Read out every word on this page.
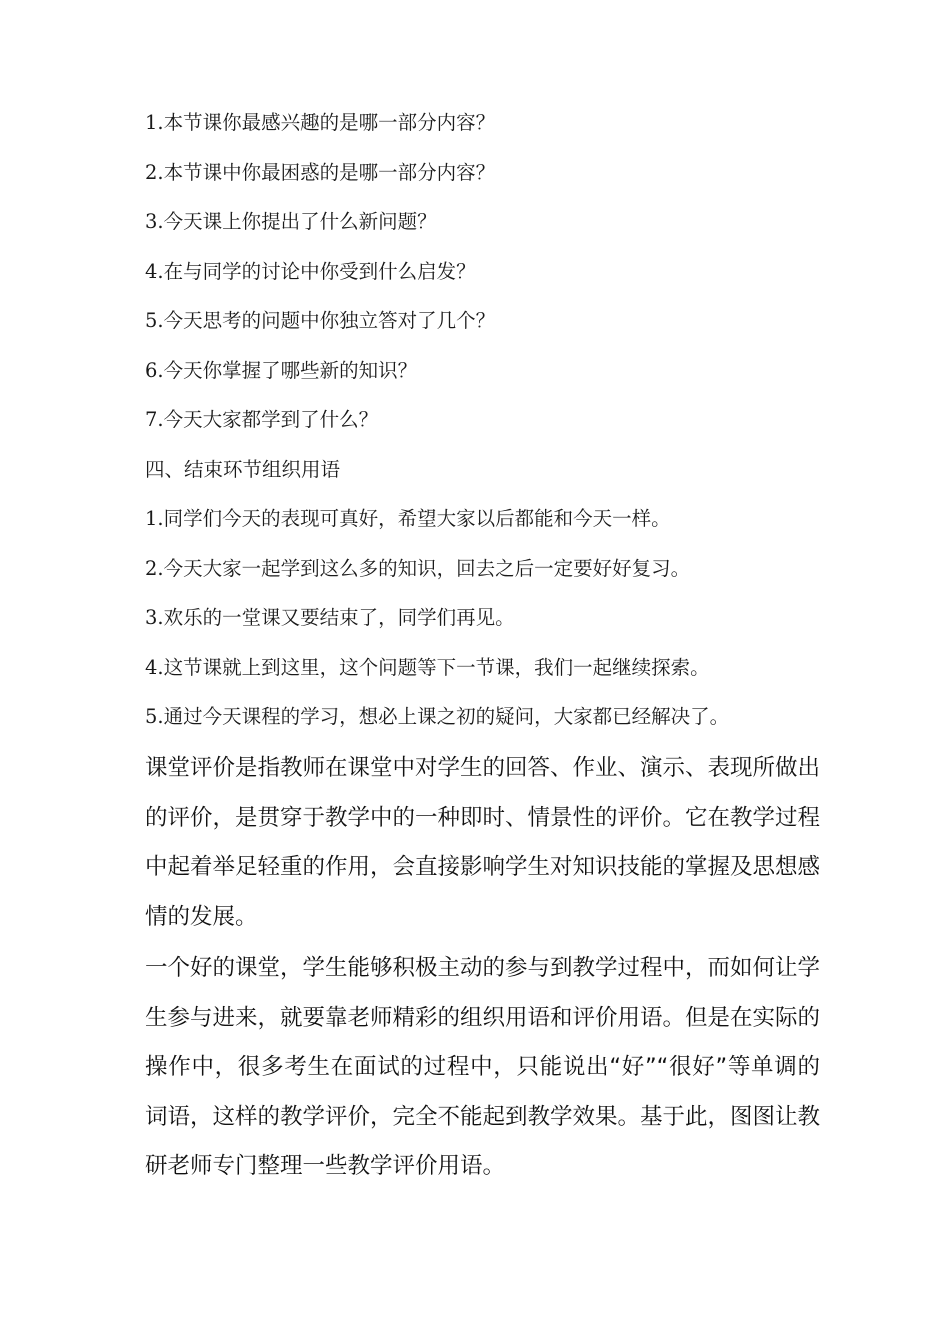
1.本节课你最感兴趣的是哪一部分内容？
2.本节课中你最困惑的是哪一部分内容？
3.今天课上你提出了什么新问题？
4.在与同学的讨论中你受到什么启发？
5.今天思考的问题中你独立答对了几个？
6.今天你掌握了哪些新的知识？
7.今天大家都学到了什么？
四、结束环节组织用语
1.同学们今天的表现可真好，希望大家以后都能和今天一样。
2.今天大家一起学到这么多的知识，回去之后一定要好好复习。
3.欢乐的一堂课又要结束了，同学们再见。
4.这节课就上到这里，这个问题等下一节课，我们一起继续探索。
5.通过今天课程的学习，想必上课之初的疑问，大家都已经解决了。

课堂评价是指教师在课堂中对学生的回答、作业、演示、表现所做出的评价，是贯穿于教学中的一种即时、情景性的评价。它在教学过程中起着举足轻重的作用，会直接影响学生对知识技能的掌握及思想感情的发展。

一个好的课堂，学生能够积极主动的参与到教学过程中，而如何让学生参与进来，就要靠老师精彩的组织用语和评价用语。但是在实际的操作中，很多考生在面试的过程中，只能说出“好”“很好”等单调的词语，这样的教学评价，完全不能起到教学效果。基于此，图图让教研老师专门整理一些教学评价用语。
